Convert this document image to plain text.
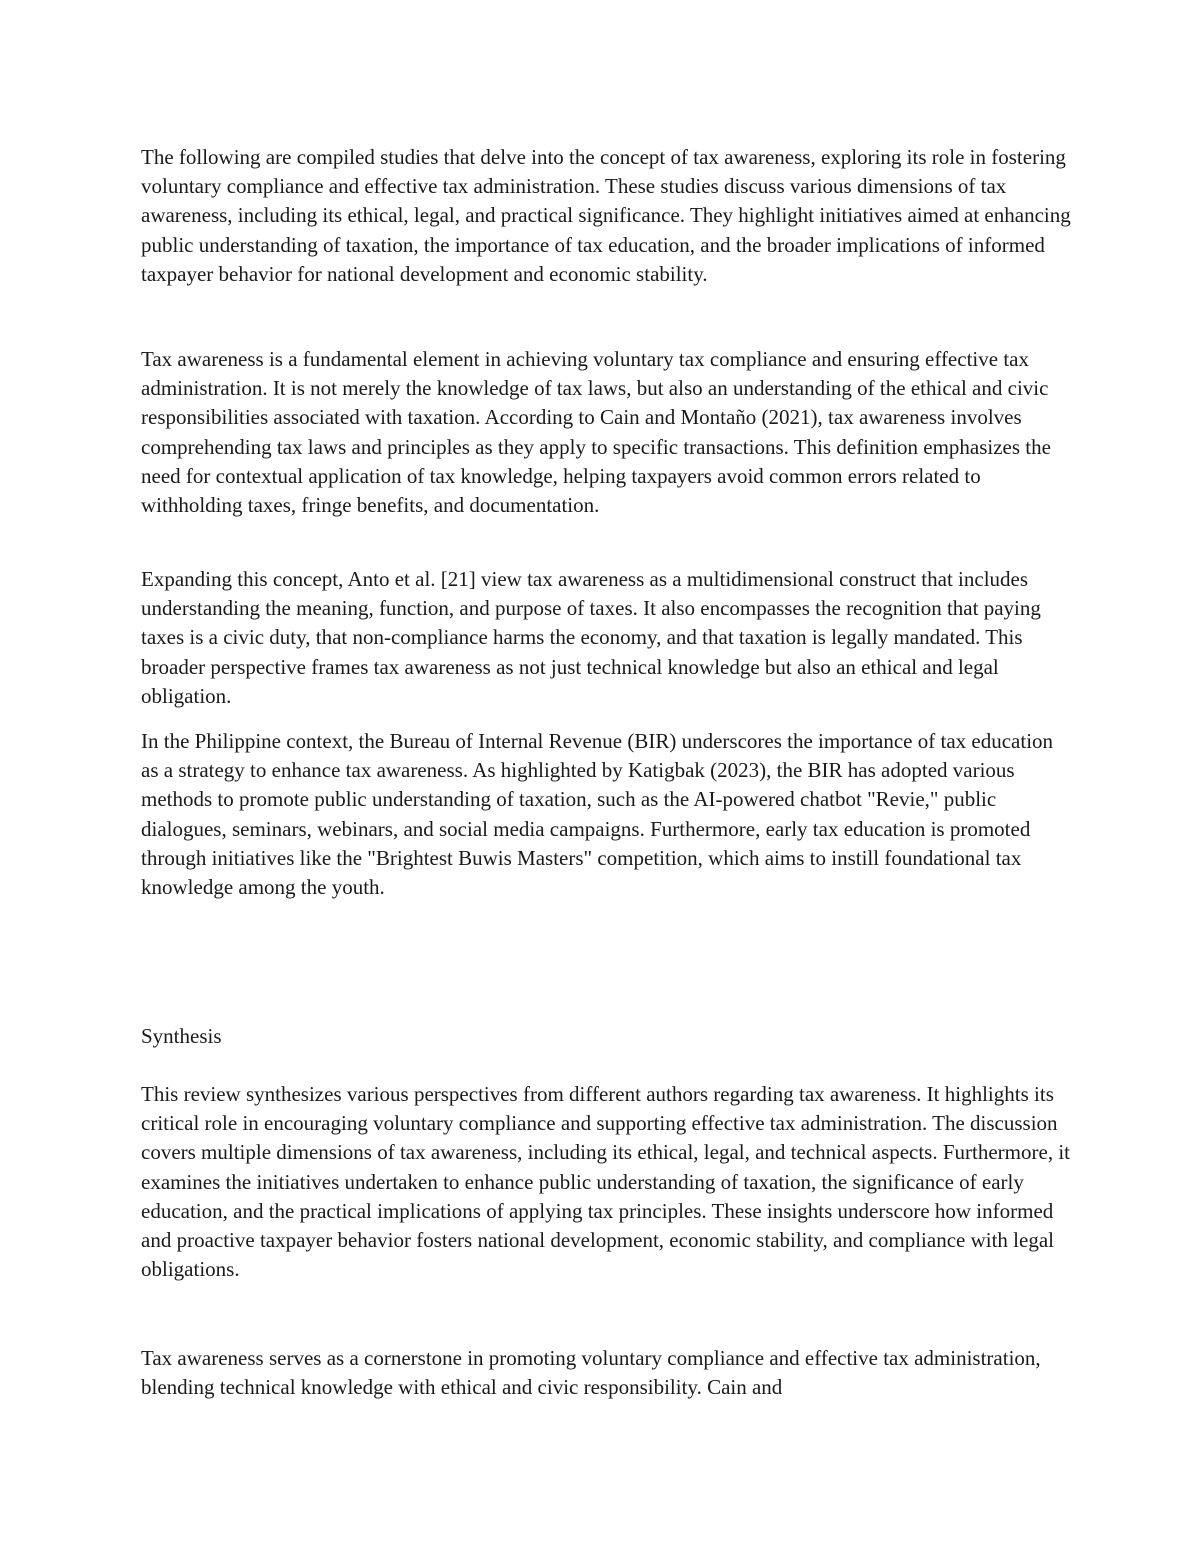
The following are compiled studies that delve into the concept of tax awareness, exploring its role in fostering voluntary compliance and effective tax administration. These studies discuss various dimensions of tax awareness, including its ethical, legal, and practical significance. They highlight initiatives aimed at enhancing public understanding of taxation, the importance of tax education, and the broader implications of informed taxpayer behavior for national development and economic stability.

Tax awareness is a fundamental element in achieving voluntary tax compliance and ensuring effective tax administration. It is not merely the knowledge of tax laws, but also an understanding of the ethical and civic responsibilities associated with taxation. According to Cain and Montaño (2021), tax awareness involves comprehending tax laws and principles as they apply to specific transactions. This definition emphasizes the need for contextual application of tax knowledge, helping taxpayers avoid common errors related to withholding taxes, fringe benefits, and documentation.

Expanding this concept, Anto et al. [21] view tax awareness as a multidimensional construct that includes understanding the meaning, function, and purpose of taxes. It also encompasses the recognition that paying taxes is a civic duty, that non-compliance harms the economy, and that taxation is legally mandated. This broader perspective frames tax awareness as not just technical knowledge but also an ethical and legal obligation.

In the Philippine context, the Bureau of Internal Revenue (BIR) underscores the importance of tax education as a strategy to enhance tax awareness. As highlighted by Katigbak (2023), the BIR has adopted various methods to promote public understanding of taxation, such as the AI-powered chatbot "Revie," public dialogues, seminars, webinars, and social media campaigns. Furthermore, early tax education is promoted through initiatives like the "Brightest Buwis Masters" competition, which aims to instill foundational tax knowledge among the youth.

Synthesis

This review synthesizes various perspectives from different authors regarding tax awareness. It highlights its critical role in encouraging voluntary compliance and supporting effective tax administration. The discussion covers multiple dimensions of tax awareness, including its ethical, legal, and technical aspects. Furthermore, it examines the initiatives undertaken to enhance public understanding of taxation, the significance of early education, and the practical implications of applying tax principles. These insights underscore how informed and proactive taxpayer behavior fosters national development, economic stability, and compliance with legal obligations.

Tax awareness serves as a cornerstone in promoting voluntary compliance and effective tax administration, blending technical knowledge with ethical and civic responsibility. Cain and
